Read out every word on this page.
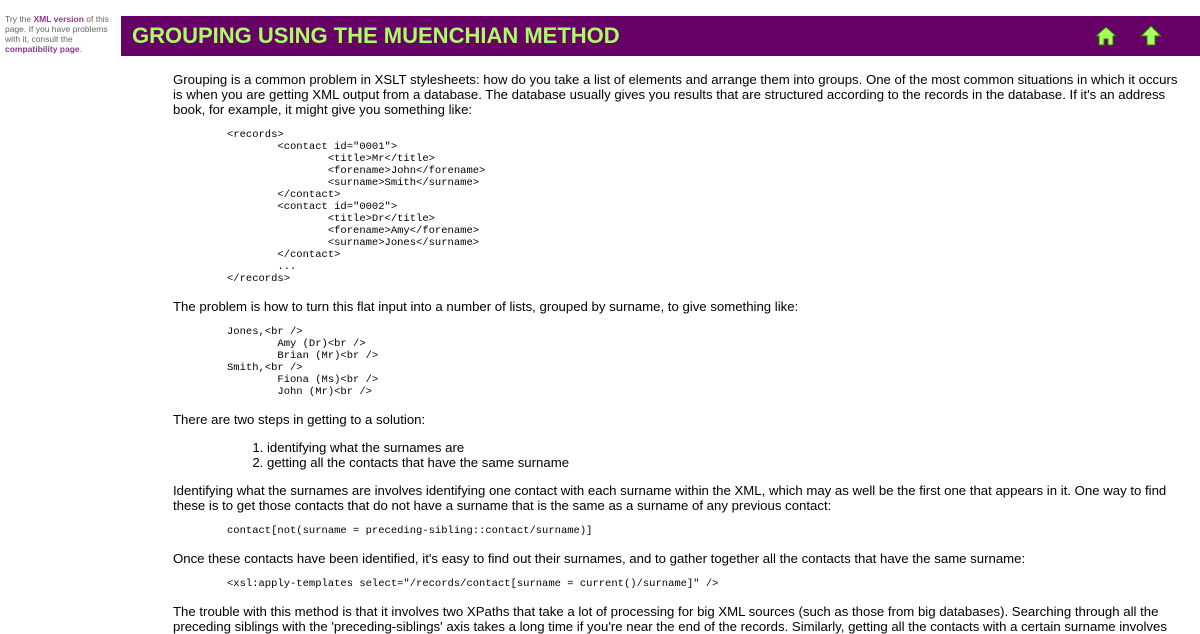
Try the XML version of this page. If you have problems with it, consult the compatibility page.
GROUPING USING THE MUENCHIAN METHOD

Grouping is a common problem in XSLT stylesheets: how do you take a list of elements and arrange them into groups. One of the most common situations in which it occurs is when you are getting XML output from a database. The database usually gives you results that are structured according to the records in the database. If it's an address book, for example, it might give you something like:

<records>
<contact id="0001">
<title>Mr</title>
<forename>John</forename>
<surname>Smith</surname>
</contact>
<contact id="0002">
<title>Dr</title>
<forename>Amy</forename>
<surname>Jones</surname>
</contact>
...
</records>

The problem is how to turn this flat input into a number of lists, grouped by surname, to give something like:

Jones,<br />
Amy (Dr)<br />
Brian (Mr)<br />
Smith,<br />
Fiona (Ms)<br />
John (Mr)<br />

There are two steps in getting to a solution:

1. identifying what the surnames are
2. getting all the contacts that have the same surname

Identifying what the surnames are involves identifying one contact with each surname within the XML, which may as well be the first one that appears in it. One way to find these is to get those contacts that do not have a surname that is the same as a surname of any previous contact:

contact[not(surname = preceding-sibling::contact/surname)]

Once these contacts have been identified, it's easy to find out their surnames, and to gather together all the contacts that have the same surname:

<xsl:apply-templates select="/records/contact[surname = current()/surname]" />

The trouble with this method is that it involves two XPaths that take a lot of processing for big XML sources (such as those from big databases). Searching through all the preceding siblings with the 'preceding-siblings' axis takes a long time if you're near the end of the records. Similarly, getting all the contacts with a certain surname involves
